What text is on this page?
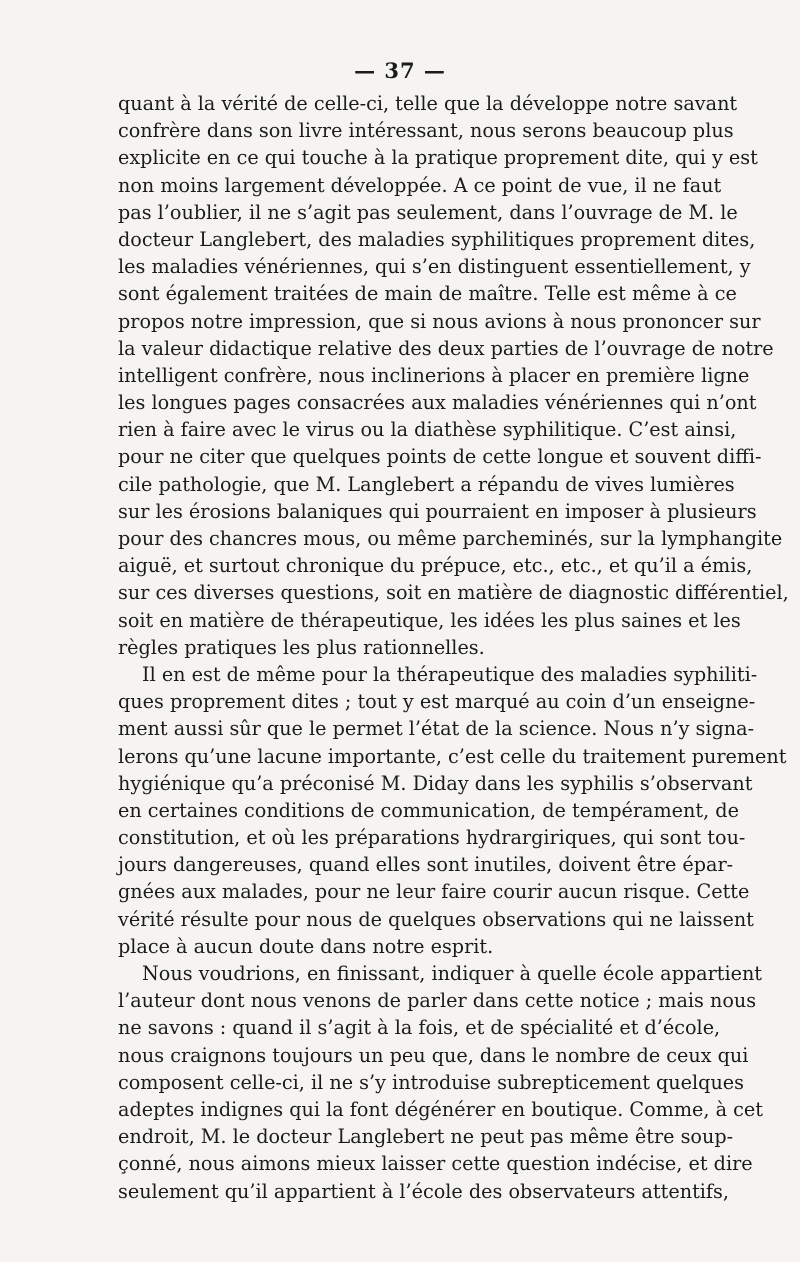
— 37 —
quant à la vérité de celle-ci, telle que la développe notre savant
confrère dans son livre intéressant, nous serons beaucoup plus
explicite en ce qui touche à la pratique proprement dite, qui y est
non moins largement développée. A ce point de vue, il ne faut
pas l’oublier, il ne s’agit pas seulement, dans l’ouvrage de M. le
docteur Langlebert, des maladies syphilitiques proprement dites,
les maladies vénériennes, qui s’en distinguent essentiellement, y
sont également traitées de main de maître. Telle est même à ce
propos notre impression, que si nous avions à nous prononcer sur
la valeur didactique relative des deux parties de l’ouvrage de notre
intelligent confrère, nous inclinerions à placer en première ligne
les longues pages consacrées aux maladies vénériennes qui n’ont
rien à faire avec le virus ou la diathèse syphilitique. C’est ainsi,
pour ne citer que quelques points de cette longue et souvent diffi-
cile pathologie, que M. Langlebert a répandu de vives lumières
sur les érosions balaniques qui pourraient en imposer à plusieurs
pour des chancres mous, ou même parcheminés, sur la lymphangite
aiguë, et surtout chronique du prépuce, etc., etc., et qu’il a émis,
sur ces diverses questions, soit en matière de diagnostic différentiel,
soit en matière de thérapeutique, les idées les plus saines et les
règles pratiques les plus rationnelles.
Il en est de même pour la thérapeutique des maladies syphiliti-
ques proprement dites ; tout y est marqué au coin d’un enseigne-
ment aussi sûr que le permet l’état de la science. Nous n’y signa-
lerons qu’une lacune importante, c’est celle du traitement purement
hygiénique qu’a préconisé M. Diday dans les syphilis s’observant
en certaines conditions de communication, de tempérament, de
constitution, et où les préparations hydrargiriques, qui sont tou-
jours dangereuses, quand elles sont inutiles, doivent être épar-
gnées aux malades, pour ne leur faire courir aucun risque. Cette
vérité résulte pour nous de quelques observations qui ne laissent
place à aucun doute dans notre esprit.
Nous voudrions, en finissant, indiquer à quelle école appartient
l’auteur dont nous venons de parler dans cette notice ; mais nous
ne savons : quand il s’agit à la fois, et de spécialité et d’école,
nous craignons toujours un peu que, dans le nombre de ceux qui
composent celle-ci, il ne s’y introduise subrepticement quelques
adeptes indignes qui la font dégénérer en boutique. Comme, à cet
endroit, M. le docteur Langlebert ne peut pas même être soup-
çonné, nous aimons mieux laisser cette question indécise, et dire
seulement qu’il appartient à l’école des observateurs attentifs,
